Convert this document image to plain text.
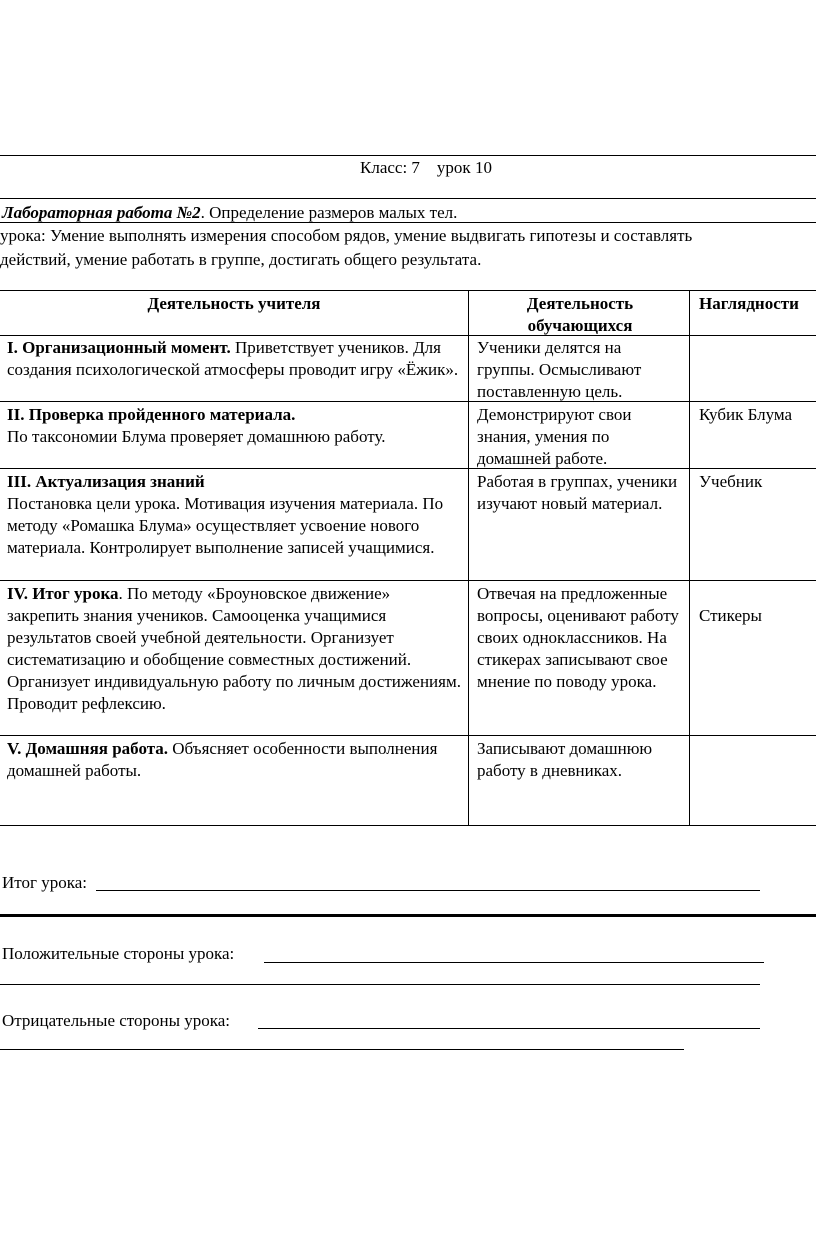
Класс: 7    урок 10
Лабораторная работа №2. Определение размеров малых тел.
урока: Умение выполнять измерения способом рядов, умение выдвигать гипотезы и составлять
действий, умение работать в группе, достигать общего результата.
Деятельность учителя	Деятельность обучающихся
Наглядности
I. Организационный момент. Приветствует учеников. Для создания психологической атмосферы проводит игру «Ёжик».
Ученики делятся на группы. Осмысливают поставленную цель.
II. Проверка пройденного материала.
По таксономии Блума проверяет домашнюю работу.
Демонстрируют свои знания, умения по домашней работе.
Кубик Блума
III. Актуализация знаний
Постановка цели урока. Мотивация изучения материала. По методу «Ромашка Блума» осуществляет усвоение нового материала. Контролирует выполнение записей учащимися.
Работая в группах, ученики изучают новый материал.
Учебник
IV. Итог урока. По методу «Броуновское движение» закрепить знания учеников. Самооценка учащимися результатов своей учебной деятельности. Организует систематизацию и обобщение совместных достижений. Организует индивидуальную работу по личным достижениям. Проводит рефлексию.
Отвечая на предложенные вопросы, оценивают работу своих одноклассников. На стикерах записывают свое мнение по поводу урока.
Стикеры
V. Домашняя работа. Объясняет особенности выполнения домашней работы.
Записывают домашнюю работу в дневниках.
Итог урока:
Положительные стороны урока:
Отрицательные стороны урока:
